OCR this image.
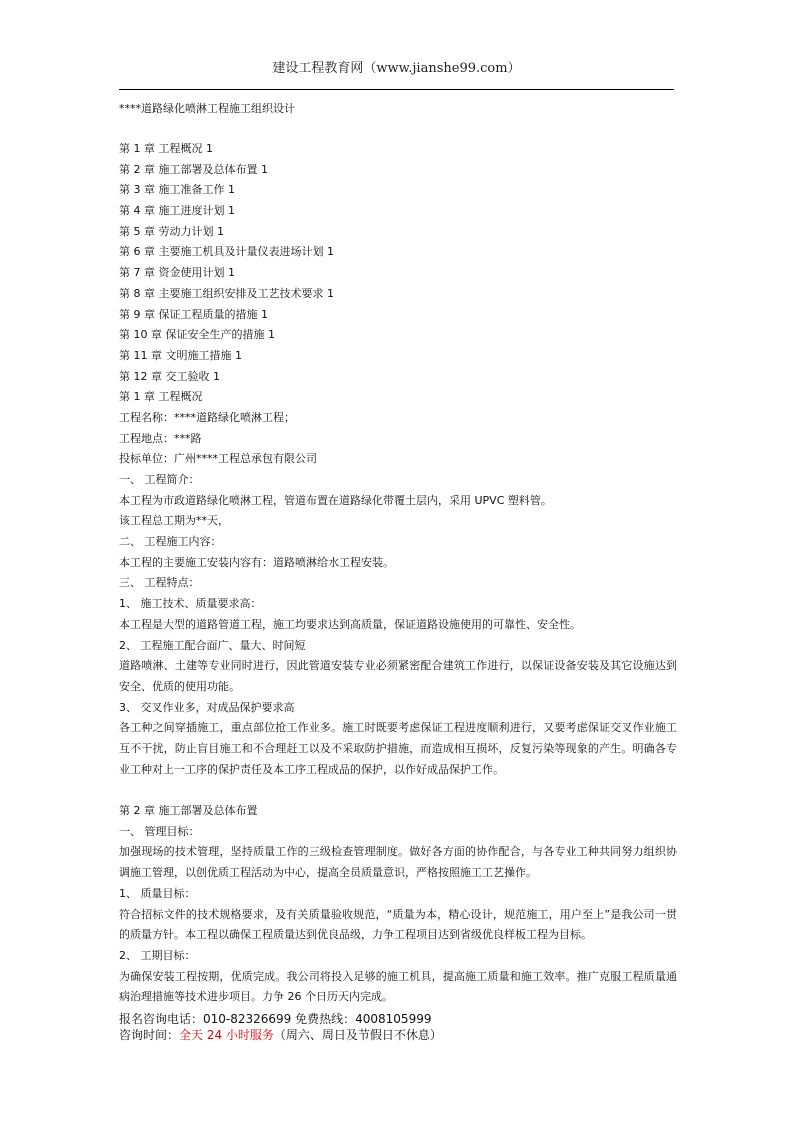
建设工程教育网（www.jianshe99.com）
****道路绿化喷淋工程施工组织设计
第 1 章 工程概况 1
第 2 章 施工部署及总体布置 1
第 3 章 施工准备工作 1
第 4 章 施工进度计划 1
第 5 章 劳动力计划 1
第 6 章 主要施工机具及计量仪表进场计划 1
第 7 章 资金使用计划 1
第 8 章 主要施工组织安排及工艺技术要求 1
第 9 章 保证工程质量的措施 1
第 10 章 保证安全生产的措施 1
第 11 章 文明施工措施 1
第 12 章 交工验收 1
第 1 章 工程概况
工程名称：****道路绿化喷淋工程；
工程地点：***路
投标单位：广州****工程总承包有限公司
一、 工程简介：
本工程为市政道路绿化喷淋工程，管道布置在道路绿化带覆土层内，采用 UPVC 塑料管。
该工程总工期为**天，
二、 工程施工内容：
本工程的主要施工安装内容有：道路喷淋给水工程安装。
三、 工程特点：
1、 施工技术、质量要求高：
本工程是大型的道路管道工程，施工均要求达到高质量，保证道路设施使用的可靠性、安全性。
2、 工程施工配合面广、量大、时间短
道路喷淋、土建等专业同时进行，因此管道安装专业必须紧密配合建筑工作进行，以保证设备安装及其它设施达到安全、优质的使用功能。
3、 交叉作业多，对成品保护要求高
各工种之间穿插施工，重点部位抢工作业多。施工时既要考虑保证工程进度顺利进行，又要考虑保证交叉作业施工互不干扰，防止盲目施工和不合理赶工以及不采取防护措施，而造成相互损坏，反复污染等现象的产生。明确各专业工种对上一工序的保护责任及本工序工程成品的保护，以作好成品保护工作。
第 2 章 施工部署及总体布置
一、 管理目标：
加强现场的技术管理，坚持质量工作的三级检查管理制度。做好各方面的协作配合，与各专业工种共同努力组织协调施工管理，以创优质工程活动为中心，提高全员质量意识，严格按照施工工艺操作。
1、 质量目标：
符合招标文件的技术规格要求，及有关质量验收规范，“质量为本，精心设计，规范施工，用户至上”是我公司一贯的质量方针。本工程以确保工程质量达到优良品级，力争工程项目达到省级优良样板工程为目标。
2、 工期目标：
为确保安装工程按期，优质完成。我公司将投入足够的施工机具，提高施工质量和施工效率。推广克服工程质量通病治理措施等技术进步项目。力争 26 个日历天内完成。
报名咨询电话：010-82326699 免费热线：4008105999
咨询时间：全天 24 小时服务（周六、周日及节假日不休息）
